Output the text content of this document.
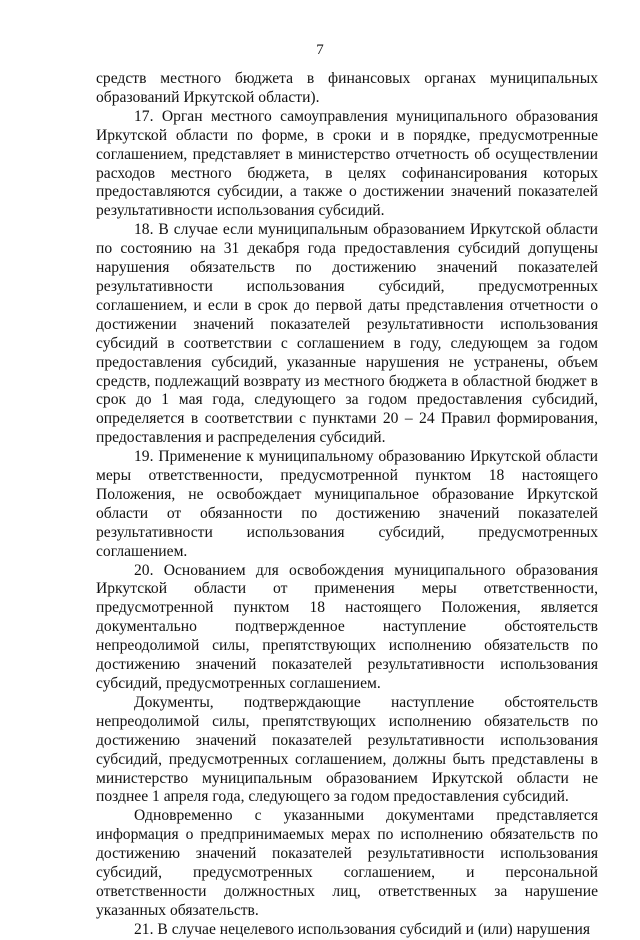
7

средств местного бюджета в финансовых органах муниципальных образований Иркутской области).

17. Орган местного самоуправления муниципального образования Иркутской области по форме, в сроки и в порядке, предусмотренные соглашением, представляет в министерство отчетность об осуществлении расходов местного бюджета, в целях софинансирования которых предоставляются субсидии, а также о достижении значений показателей результативности использования субсидий.

18. В случае если муниципальным образованием Иркутской области по состоянию на 31 декабря года предоставления субсидий допущены нарушения обязательств по достижению значений показателей результативности использования субсидий, предусмотренных соглашением, и если в срок до первой даты представления отчетности о достижении значений показателей результативности использования субсидий в соответствии с соглашением в году, следующем за годом предоставления субсидий, указанные нарушения не устранены, объем средств, подлежащий возврату из местного бюджета в областной бюджет в срок до 1 мая года, следующего за годом предоставления субсидий, определяется в соответствии с пунктами 20 – 24 Правил формирования, предоставления и распределения субсидий.

19. Применение к муниципальному образованию Иркутской области меры ответственности, предусмотренной пунктом 18 настоящего Положения, не освобождает муниципальное образование Иркутской области от обязанности по достижению значений показателей результативности использования субсидий, предусмотренных соглашением.

20. Основанием для освобождения муниципального образования Иркутской области от применения меры ответственности, предусмотренной пунктом 18 настоящего Положения, является документально подтвержденное наступление обстоятельств непреодолимой силы, препятствующих исполнению обязательств по достижению значений показателей результативности использования субсидий, предусмотренных соглашением.

Документы, подтверждающие наступление обстоятельств непреодолимой силы, препятствующих исполнению обязательств по достижению значений показателей результативности использования субсидий, предусмотренных соглашением, должны быть представлены в министерство муниципальным образованием Иркутской области не позднее 1 апреля года, следующего за годом предоставления субсидий.

Одновременно с указанными документами представляется информация о предпринимаемых мерах по исполнению обязательств по достижению значений показателей результативности использования субсидий, предусмотренных соглашением, и персональной ответственности должностных лиц, ответственных за нарушение указанных обязательств.

21. В случае нецелевого использования субсидий и (или) нарушения
